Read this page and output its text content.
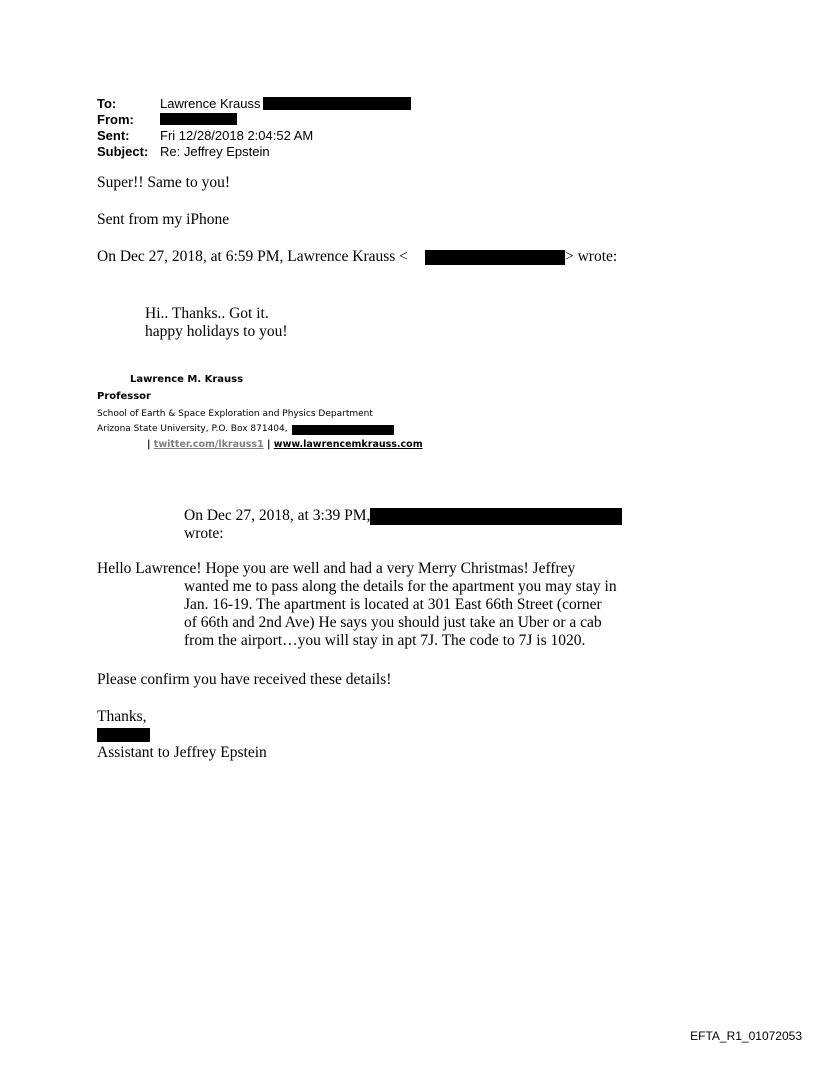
To:	Lawrence Krauss
From:
Sent: Fri 12/28/2018 2:04:52 AM
Subject: Re: Jeffrey Epstein
Super!! Same to you!
Sent from my iPhone
On Dec 27, 2018, at 6:59 PM, Lawrence Krauss <	> wrote:
Hi.. Thanks.. Got it.
happy holidays to you!
Lawrence M. Krauss
Professor
School of Earth & Space Exploration and Physics Department
Arizona State University, P.O. Box 871404,
| twitter.com/lkrauss1 | www.lawrencemkrauss.com
On Dec 27, 2018, at 3:39 PM,
wrote:
Hello Lawrence! Hope you are well and had a very Merry Christmas! Jeffrey
wanted me to pass along the details for the apartment you may stay in
Jan. 16-19. The apartment is located at 301 East 66th Street (corner
of 66th and 2nd Ave) He says you should just take an Uber or a cab
from the airport…you will stay in apt 7J. The code to 7J is 1020.
Please confirm you have received these details!
Thanks,
Assistant to Jeffrey Epstein
EFTA_R1_01072053
